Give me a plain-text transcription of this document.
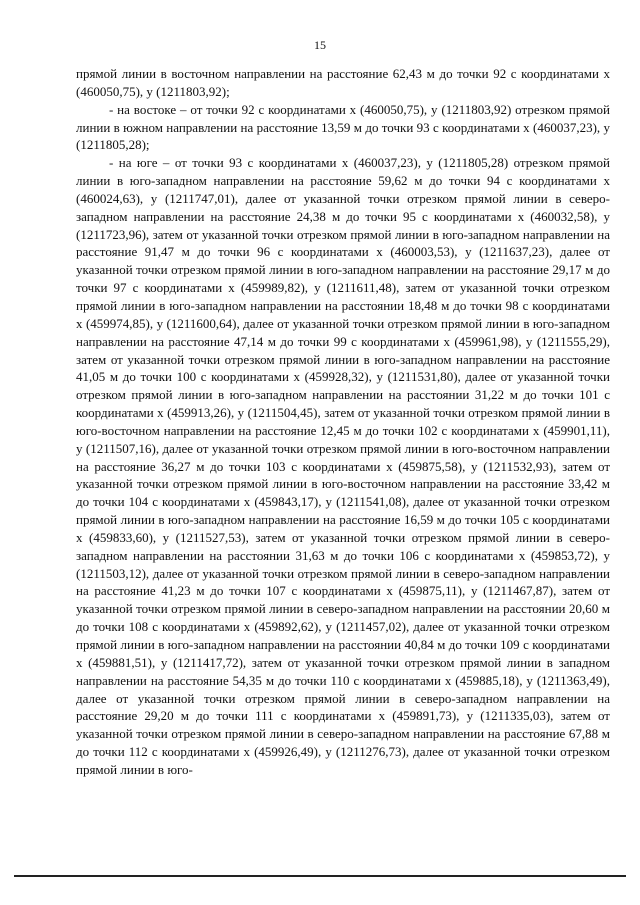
15

прямой линии в восточном направлении на расстояние 62,43 м до точки 92 с координатами х (460050,75), у (1211803,92);

- на востоке – от точки 92 с координатами х (460050,75), у (1211803,92) отрезком прямой линии в южном направлении на расстояние 13,59 м до точки 93 с координатами х (460037,23), у (1211805,28);

- на юге – от точки 93 с координатами х (460037,23), у (1211805,28) отрезком прямой линии в юго-западном направлении на расстояние 59,62 м до точки 94 с координатами х (460024,63), у (1211747,01), далее от указанной точки отрезком прямой линии в северо-западном направлении на расстояние 24,38 м до точки 95 с координатами х (460032,58), у (1211723,96), затем от указанной точки отрезком прямой линии в юго-западном направлении на расстояние 91,47 м до точки 96 с координатами х (460003,53), у (1211637,23), далее от указанной точки отрезком прямой линии в юго-западном направлении на расстояние 29,17 м до точки 97 с координатами х (459989,82), у (1211611,48), затем от указанной точки отрезком прямой линии в юго-западном направлении на расстоянии 18,48 м до точки 98 с координатами х (459974,85), у (1211600,64), далее от указанной точки отрезком прямой линии в юго-западном направлении на расстояние 47,14 м до точки 99 с координатами х (459961,98), у (1211555,29), затем от указанной точки отрезком прямой линии в юго-западном направлении на расстояние 41,05 м до точки 100 с координатами х (459928,32), у (1211531,80), далее от указанной точки отрезком прямой линии в юго-западном направлении на расстоянии 31,22 м до точки 101 с координатами х (459913,26), у (1211504,45), затем от указанной точки отрезком прямой линии в юго-восточном направлении на расстояние 12,45 м до точки 102 с координатами х (459901,11), у (1211507,16), далее от указанной точки отрезком прямой линии в юго-восточном направлении на расстояние 36,27 м до точки 103 с координатами х (459875,58), у (1211532,93), затем от указанной точки отрезком прямой линии в юго-восточном направлении на расстояние 33,42 м до точки 104 с координатами х (459843,17), у (1211541,08), далее от указанной точки отрезком прямой линии в юго-западном направлении на расстояние 16,59 м до точки 105 с координатами х (459833,60), у (1211527,53), затем от указанной точки отрезком прямой линии в северо-западном направлении на расстоянии 31,63 м до точки 106 с координатами х (459853,72), у (1211503,12), далее от указанной точки отрезком прямой линии в северо-западном направлении на расстояние 41,23 м до точки 107 с координатами х (459875,11), у (1211467,87), затем от указанной точки отрезком прямой линии в северо-западном направлении на расстоянии 20,60 м до точки 108 с координатами х (459892,62), у (1211457,02), далее от указанной точки отрезком прямой линии в юго-западном направлении на расстоянии 40,84 м до точки 109 с координатами х (459881,51), у (1211417,72), затем от указанной точки отрезком прямой линии в западном направлении на расстояние 54,35 м до точки 110 с координатами х (459885,18), у (1211363,49), далее от указанной точки отрезком прямой линии в северо-западном направлении на расстояние 29,20 м до точки 111 с координатами х (459891,73), у (1211335,03), затем от указанной точки отрезком прямой линии в северо-западном направлении на расстояние 67,88 м до точки 112 с координатами х (459926,49), у (1211276,73), далее от указанной точки отрезком прямой линии в юго-
